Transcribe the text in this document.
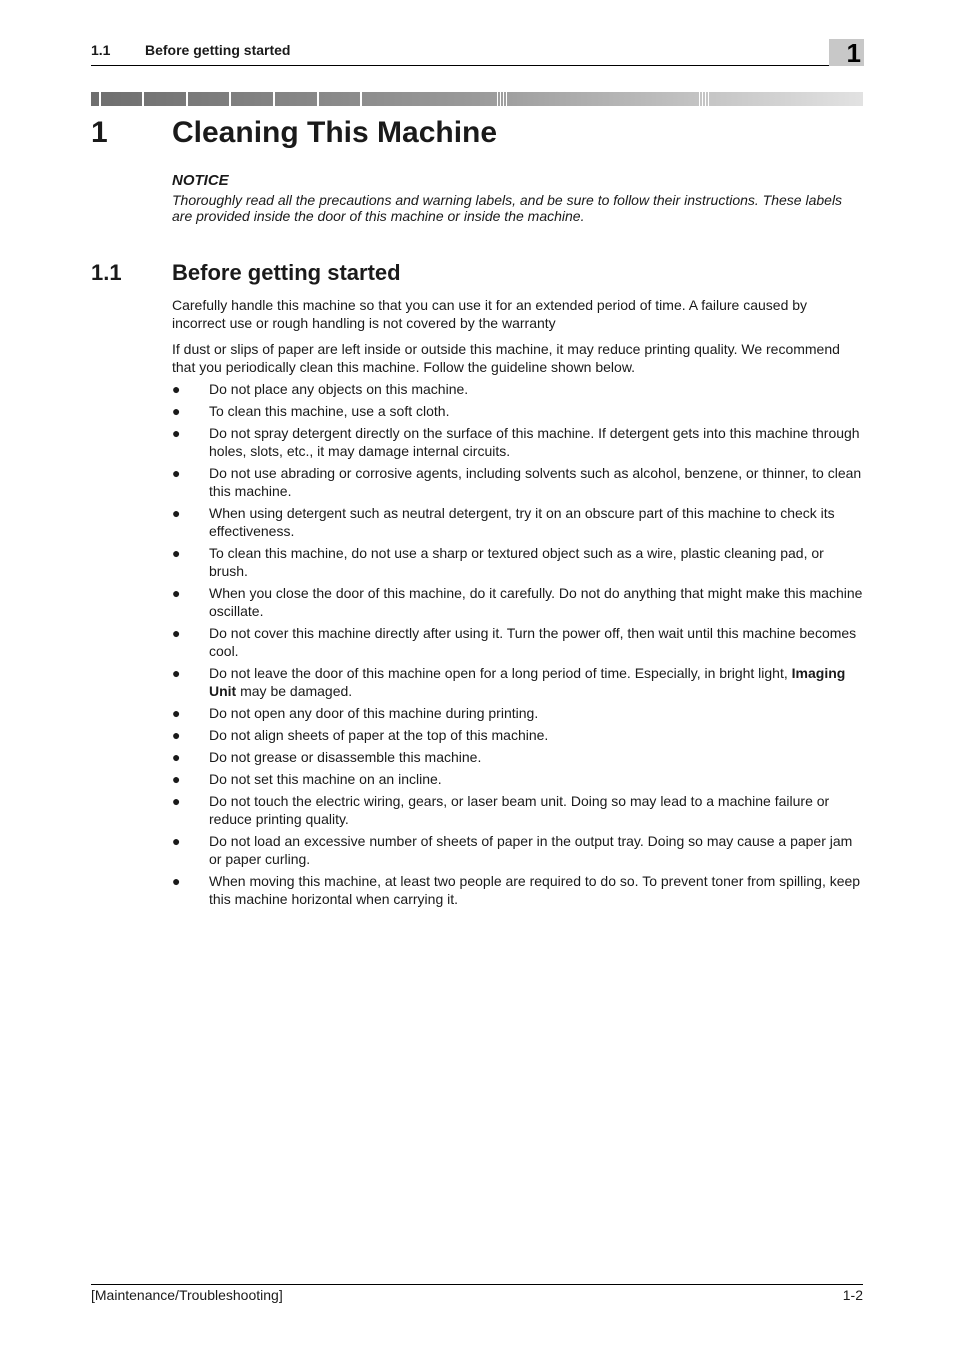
1.1 Before getting started	1
1 Cleaning This Machine
NOTICE
Thoroughly read all the precautions and warning labels, and be sure to follow their instructions. These labels are provided inside the door of this machine or inside the machine.
1.1 Before getting started

Carefully handle this machine so that you can use it for an extended period of time. A failure caused by incorrect use or rough handling is not covered by the warranty

If dust or slips of paper are left inside or outside this machine, it may reduce printing quality. We recommend that you periodically clean this machine. Follow the guideline shown below.

● Do not place any objects on this machine.
● To clean this machine, use a soft cloth.
● Do not spray detergent directly on the surface of this machine. If detergent gets into this machine through holes, slots, etc., it may damage internal circuits.
● Do not use abrading or corrosive agents, including solvents such as alcohol, benzene, or thinner, to clean this machine.
● When using detergent such as neutral detergent, try it on an obscure part of this machine to check its effectiveness.
● To clean this machine, do not use a sharp or textured object such as a wire, plastic cleaning pad, or brush.
● When you close the door of this machine, do it carefully. Do not do anything that might make this machine oscillate.
● Do not cover this machine directly after using it. Turn the power off, then wait until this machine becomes cool.
● Do not leave the door of this machine open for a long period of time. Especially, in bright light, Imaging Unit may be damaged.
● Do not open any door of this machine during printing.
● Do not align sheets of paper at the top of this machine.
● Do not grease or disassemble this machine.
● Do not set this machine on an incline.
● Do not touch the electric wiring, gears, or laser beam unit. Doing so may lead to a machine failure or reduce printing quality.
● Do not load an excessive number of sheets of paper in the output tray. Doing so may cause a paper jam or paper curling.
● When moving this machine, at least two people are required to do so. To prevent toner from spilling, keep this machine horizontal when carrying it.
[Maintenance/Troubleshooting]	1-2
